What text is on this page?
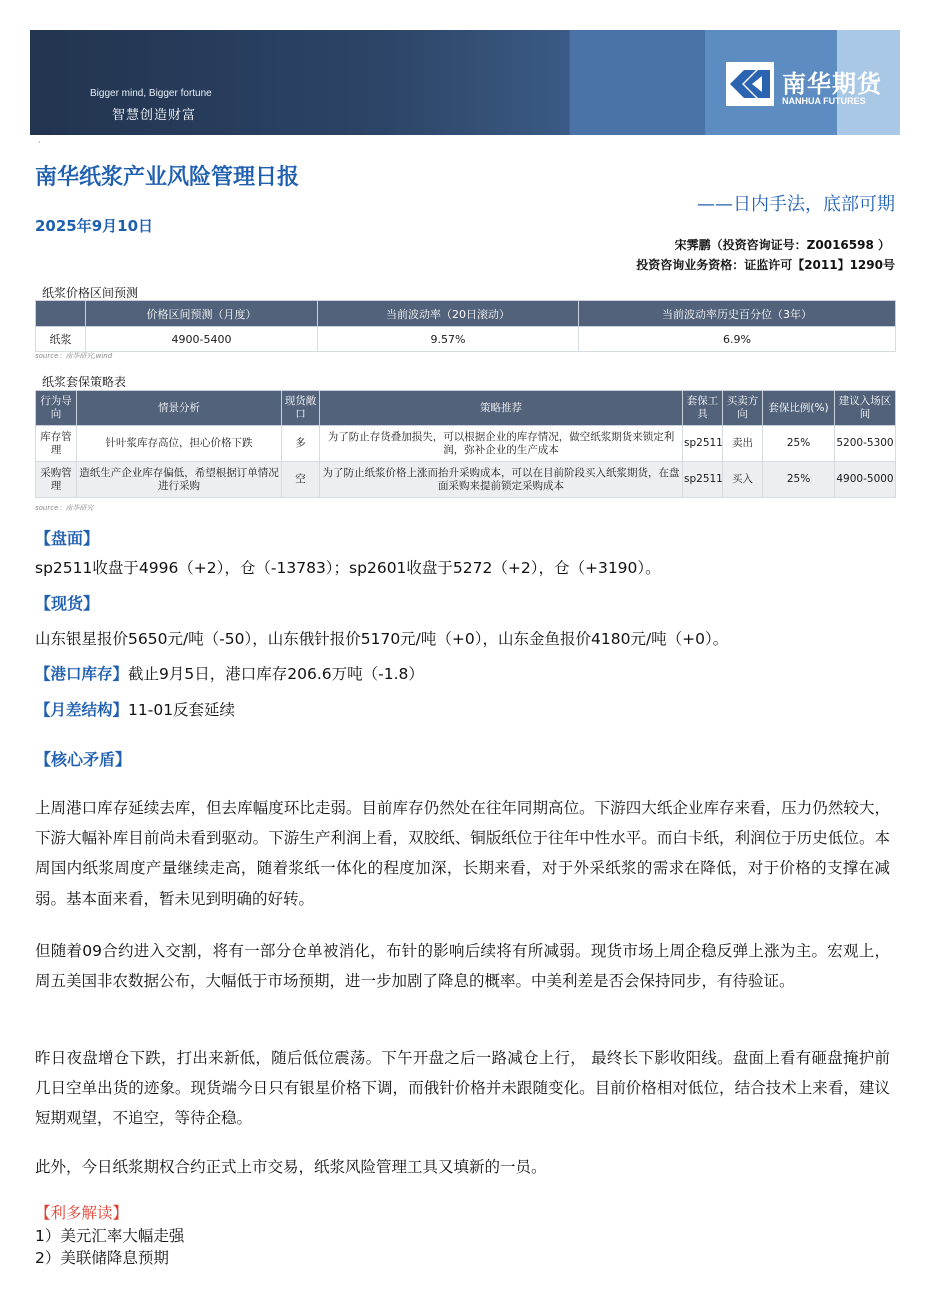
Bigger mind, Bigger fortune
智慧创造财富
南华期货
NANHUA FUTURES
·
南华纸浆产业风险管理日报
——日内手法，底部可期
2025年9月10日
宋霁鹏（投资咨询证号：Z0016598 ）
投资咨询业务资格：证监许可【2011】1290号
纸浆价格区间预测
	价格区间预测（月度）	当前波动率（20日滚动）	当前波动率历史百分位（3年）
纸浆	4900-5400	9.57%	6.9%
source：南华研究,wind
纸浆套保策略表
行为导向	情景分析	现货敞口	策略推荐	套保工具	买卖方向	套保比例(%)	建议入场区间
库存管理	针叶浆库存高位，担心价格下跌	多	为了防止存货叠加损失，可以根据企业的库存情况，做空纸浆期货来锁定利润，弥补企业的生产成本	sp2511	卖出	25%	5200-5300
采购管理	造纸生产企业库存偏低，希望根据订单情况进行采购	空	为了防止纸浆价格上涨而抬升采购成本，可以在目前阶段买入纸浆期货，在盘面采购来提前锁定采购成本	sp2511	买入	25%	4900-5000
source：南华研究
【盘面】
sp2511收盘于4996（+2），仓（-13783）；sp2601收盘于5272（+2），仓（+3190）。
【现货】
山东银星报价5650元/吨（-50），山东俄针报价5170元/吨（+0），山东金鱼报价4180元/吨（+0）。
【港口库存】截止9月5日，港口库存206.6万吨（-1.8）
【月差结构】11-01反套延续
【核心矛盾】
上周港口库存延续去库，但去库幅度环比走弱。目前库存仍然处在往年同期高位。下游四大纸企业库存来看，压力仍然较大，下游大幅补库目前尚未看到驱动。下游生产利润上看，双胶纸、铜版纸位于往年中性水平。而白卡纸，利润位于历史低位。本周国内纸浆周度产量继续走高，随着浆纸一体化的程度加深，长期来看，对于外采纸浆的需求在降低，对于价格的支撑在减弱。基本面来看，暂未见到明确的好转。
但随着09合约进入交割，将有一部分仓单被消化，布针的影响后续将有所减弱。现货市场上周企稳反弹上涨为主。宏观上，周五美国非农数据公布，大幅低于市场预期，进一步加剧了降息的概率。中美利差是否会保持同步，有待验证。
昨日夜盘增仓下跌，打出来新低，随后低位震荡。下午开盘之后一路减仓上行， 最终长下影收阳线。盘面上看有砸盘掩护前几日空单出货的迹象。现货端今日只有银星价格下调，而俄针价格并未跟随变化。目前价格相对低位，结合技术上来看，建议短期观望，不追空，等待企稳。
此外，今日纸浆期权合约正式上市交易，纸浆风险管理工具又填新的一员。
【利多解读】
1）美元汇率大幅走强
2）美联储降息预期
